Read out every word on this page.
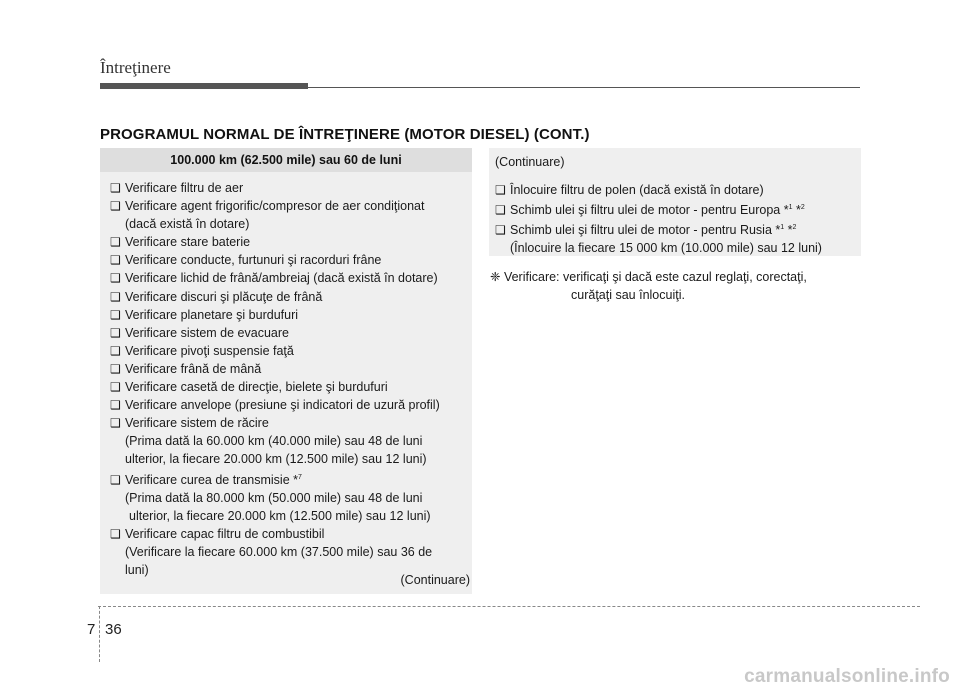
Întreţinere
PROGRAMUL NORMAL DE ÎNTREŢINERE (MOTOR DIESEL) (CONT.)
100.000 km (62.500 mile) sau 60 de luni
❑ Verificare filtru de aer
❑ Verificare agent frigorific/compresor de aer condiţionat
(dacă există în dotare)
❑ Verificare stare baterie
❑ Verificare conducte, furtunuri şi racorduri frâne
❑ Verificare lichid de frână/ambreiaj (dacă există în dotare)
❑ Verificare discuri şi plăcuţe de frână
❑ Verificare planetare şi burdufuri
❑ Verificare sistem de evacuare
❑ Verificare pivoţi suspensie faţă
❑ Verificare frână de mână
❑ Verificare casetă de direcţie, bielete şi burdufuri
❑ Verificare anvelope (presiune şi indicatori de uzură profil)
❑ Verificare sistem de răcire
(Prima dată la 60.000 km (40.000 mile) sau 48 de luni
ulterior, la fiecare 20.000 km (12.500 mile) sau 12 luni)
❑ Verificare curea de transmisie *$^7$
(Prima dată la 80.000 km (50.000 mile) sau 48 de luni
ulterior, la fiecare 20.000 km (12.500 mile) sau 12 luni)
❑ Verificare capac filtru de combustibil
(Verificare la fiecare 60.000 km (37.500 mile) sau 36 de
luni)
(Continuare)
(Continuare)
❑ Înlocuire filtru de polen (dacă există în dotare)
❑ Schimb ulei şi filtru ulei de motor - pentru Europa *$^1$ *$^2$
❑ Schimb ulei şi filtru ulei de motor - pentru Rusia *$^1$ *$^2$
(Înlocuire la fiecare 15 000 km (10.000 mile) sau 12 luni)
❈ Verificare: verificaţi şi dacă este cazul reglaţi, corectaţi,
curăţaţi sau înlocuiţi.
7 36
carmanualsonline.info
